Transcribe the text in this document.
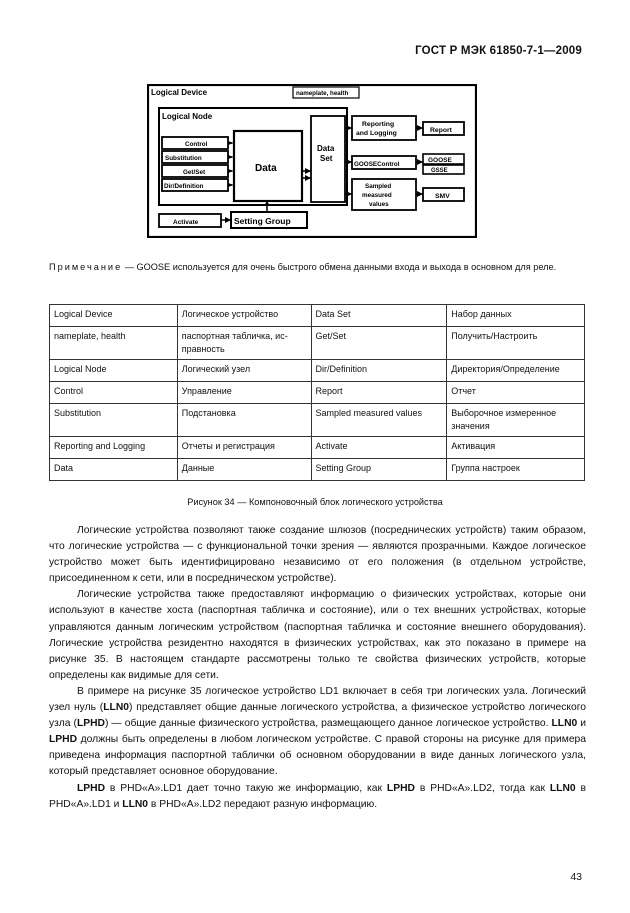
ГОСТ Р МЭК 61850-7-1—2009
Logical Device	nameplate, health
Logical Node
Control
Substitution
Get/Set
Dir/Definition
Data
Data
Set
Reporting
and Logging	Report
GOOSEControl
GOOSE
GSSE
Sampled
measured
values
SMV
Activate	Setting Group
Примечание — GOOSE используется для очень быстрого обмена данными входа и выхода в основном для реле.
Logical Device	Логическое устройство	Data Set	Набор данных
nameplate, health	паспортная табличка, ис-правность	Get/Set	Получить/Настроить
Logical Node	Логический узел	Dir/Definition	Директория/Определение
Control	Управление	Report	Отчет
Substitution	Подстановка	Sampled measured values	Выборочное измеренное значения
Reporting and Logging	Отчеты и регистрация	Activate	Активация
Data	Данные	Setting Group	Группа настроек
Рисунок 34 — Компоновочный блок логического устройства

Логические устройства позволяют также создание шлюзов (посреднических устройств) таким образом, что логические устройства — с функциональной точки зрения — являются прозрачными. Каждое логическое устройство может быть идентифицировано независимо от его положения (в отдельном устройстве, присоединенном к сети, или в посредническом устройстве).

Логические устройства также предоставляют информацию о физических устройствах, которые они используют в качестве хоста (паспортная табличка и состояние), или о тех внешних устройствах, которые управляются данным логическим устройством (паспортная табличка и состояние внешнего оборудования). Логические устройства резидентно находятся в физических устройствах, как это показано в примере на рисунке 35. В настоящем стандарте рассмотрены только те свойства физических устройств, которые определены как видимые для сети.

В примере на рисунке 35 логическое устройство LD1 включает в себя три логических узла. Логический узел нуль (LLN0) представляет общие данные логического устройства, а физическое устройство логического узла (LPHD) — общие данные физического устройства, размещающего данное логическое устройство. LLN0 и LPHD должны быть определены в любом логическом устройстве. С правой стороны на рисунке для примера приведена информация паспортной таблички об основном оборудовании в виде данных логического узла, который представляет основное оборудование.

LPHD в PHD«A».LD1 дает точно такую же информацию, как LPHD в PHD«A».LD2, тогда как LLN0 в PHD«A».LD1 и LLN0 в PHD«A».LD2 передают разную информацию.

43
